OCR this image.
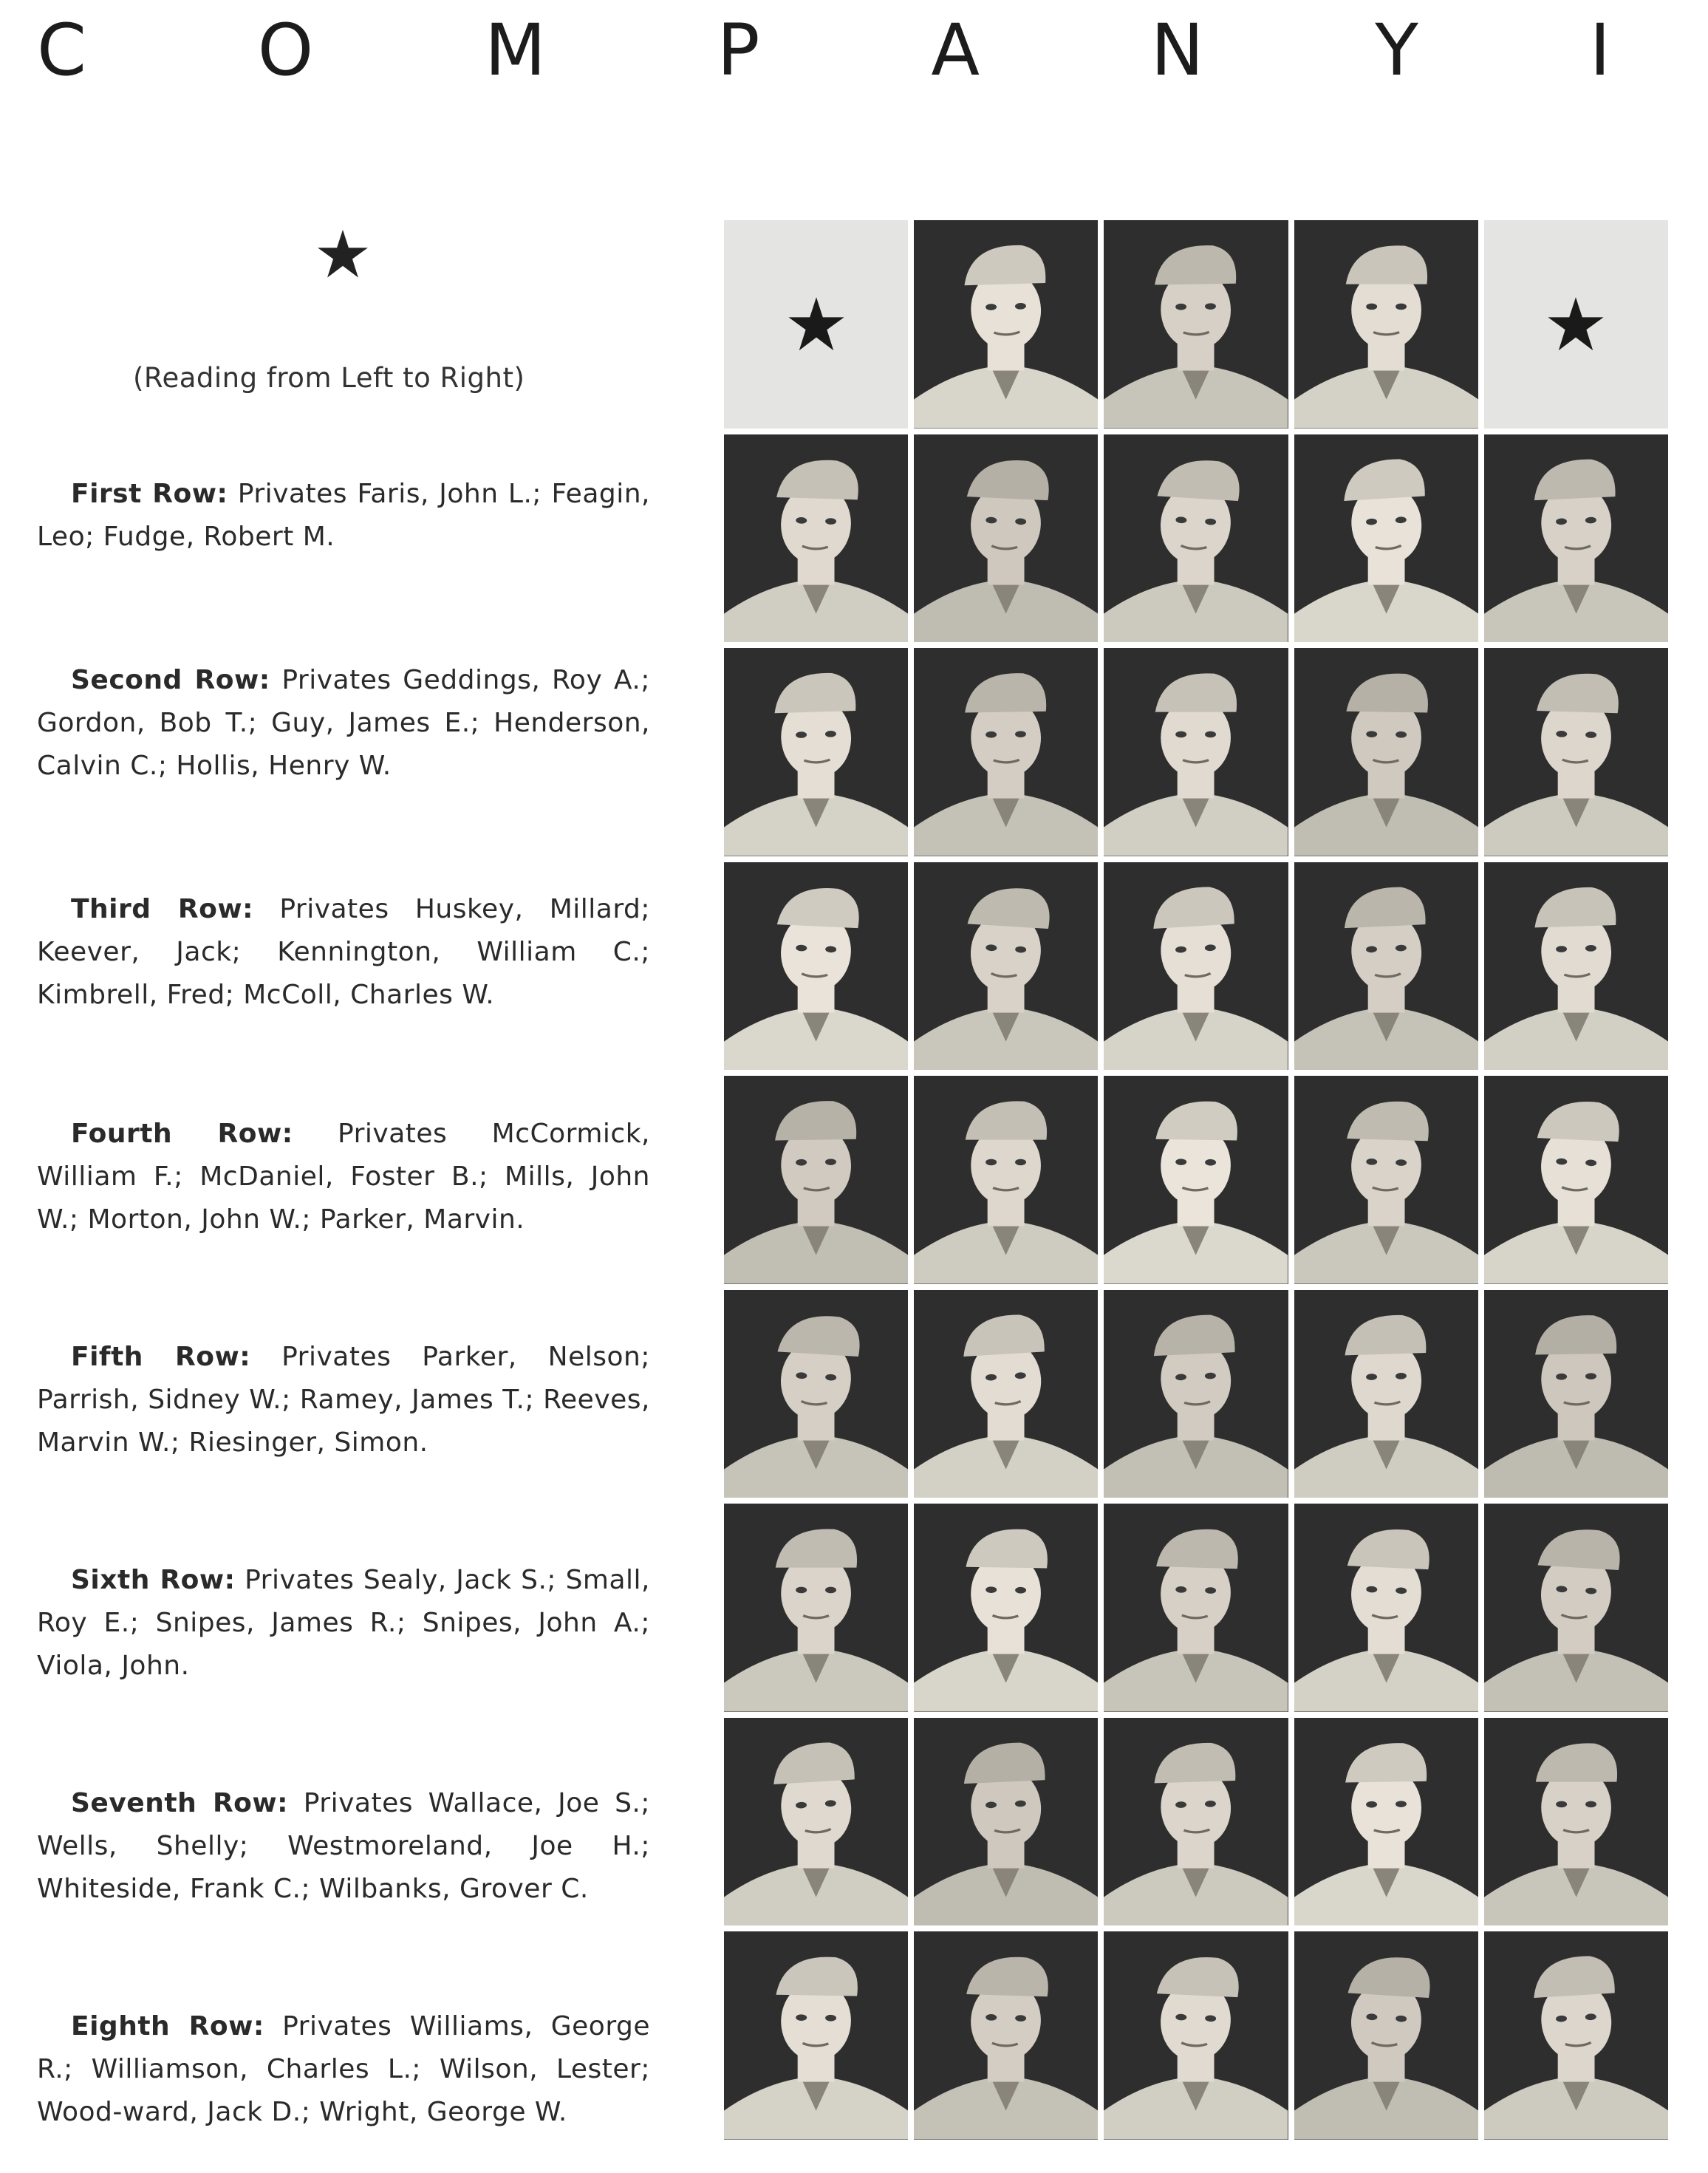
C O M P A N Y I
(Reading from Left to Right)
First Row: Privates Faris, John L.; Feagin, Leo; Fudge, Robert M.
Second Row: Privates Geddings, Roy A.; Gordon, Bob T.; Guy, James E.; Henderson, Calvin C.; Hollis, Henry W.
Third Row: Privates Huskey, Millard; Keever, Jack; Kennington, William C.; Kimbrell, Fred; McColl, Charles W.
Fourth Row: Privates McCormick, William F.; McDaniel, Foster B.; Mills, John W.; Morton, John W.; Parker, Marvin.
Fifth Row: Privates Parker, Nelson; Parrish, Sidney W.; Ramey, James T.; Reeves, Marvin W.; Riesinger, Simon.
Sixth Row: Privates Sealy, Jack S.; Small, Roy E.; Snipes, James R.; Snipes, John A.; Viola, John.
Seventh Row: Privates Wallace, Joe S.; Wells, Shelly; Westmoreland, Joe H.; Whiteside, Frank C.; Wilbanks, Grover C.
Eighth Row: Privates Williams, George R.; Williamson, Charles L.; Wilson, Lester; Wood-ward, Jack D.; Wright, George W.
